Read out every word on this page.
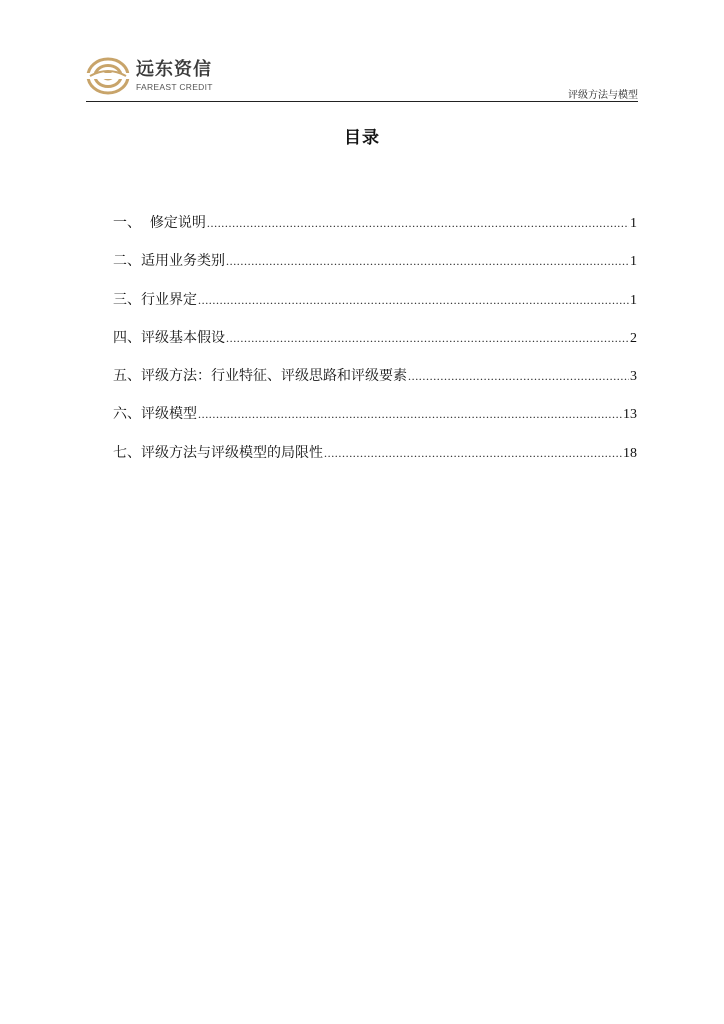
远东资信
FAREAST CREDIT
评级方法与模型
目录
一、  修定说明 .....	1
二、适用业务类别 .....	1
三、行业界定 .....	1
四、评级基本假设 .....	2
五、评级方法：行业特征、评级思路和评级要素 .....	3
六、评级模型 .....	13
七、评级方法与评级模型的局限性 .....	18
